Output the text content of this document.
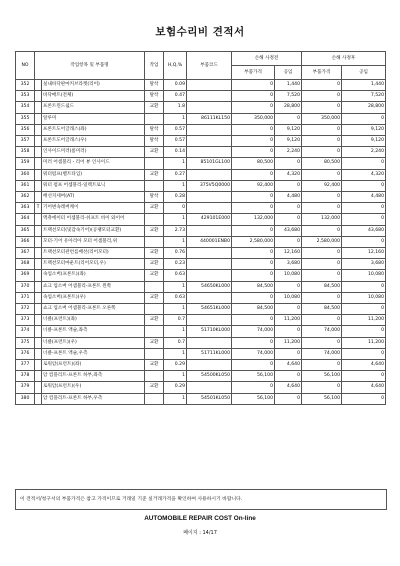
보험수리비 견적서
NO	작업항목 및 부품명		작업	H,Q,%	부품코드	손해 사정전		손해 사정후	
						부품가격	공임	부품가격	공임
352		실내바닥판마커브라켓(리어)	탈착	0.09		0	1,440	0	1,440
353		바닥매트(전체)	탈착	0.47		0	7,520	0	7,520
354		프론트윈드쉴드	교환	1.8		0	28,800	0	28,800
355		알루미		1	86111KL150	350,000	0	350,000	0
356		프론트도어글래스(좌)	탈착	0.57		0	9,120	0	9,120
357		프론트도어글래스(우)	탈착	0.57		0	9,120	0	9,120
358		인사이드미러(룸미러)	교환	0.14		0	2,240	0	2,240
359		미러 어셈블리 - 리어 뷰 인사이드		1	85101GL100	80,500	0	80,500	0
360		워터펌프(벨트타입)	교환	0.27		0	4,320	0	4,320
361		워터 펌프 어셈블리-일렉트로닉		1	375V5Q0000	92,400	0	92,400	0
362		배선지세버(AT)	탈착	0.28		0	4,480	0	4,480
363	T	기어변속레버케이	교환	0		0	0	0	0
364		액츄에이터 어셈블리-쉬프트 바이 와이어		1	429101E000	132,000	0	132,000	0
365		트랙션모터(및감속기어)(공랭모터교환)	교환	2.73		0	43,680	0	43,680
366		모터-기어 유아리아 모터 어셈블리,위		1	440001ENB0	2,580,000	0	2,580,000	0
367		트랙션모터관련를배선(리어모터)	교환	0.76		0	12,160	0	12,160
368		트랙션모터마운트(리어모터,우)	교환	0.23		0	3,680	0	3,680
369		속업소버(프론트)(좌)	교환	0.63		0	10,080	0	10,080
370		쇼크 업소버 어셈블리-프론트 왼쪽		1	54650KL000	84,500	0	84,500	0
371		속업소버(프론트)(우)	교환	0.63		0	10,080	0	10,080
372		쇼크 업소버 어셈블리-프론트 오른쪽		1	54651KL000	84,500	0	84,500	0
373		너클(프런트)(좌)	교환	0.7		0	11,200	0	11,200
374		너클-프론트 액슬,좌측		1	51710KL000	74,000	0	74,000	0
375		너클(프런트)(우)	교환	0.7		0	11,200	0	11,200
376		너클-프론트 액슬,우측		1	51711KL000	74,000	0	74,000	0
377		로워암(프런트)(좌)	교환	0.29		0	4,640	0	4,640
378		암 컴플리트-프론트 하부,좌측		1	54500KL050	56,100	0	56,100	0
379		로워암(프런트)(우)	교환	0.29		0	4,640	0	4,640
380		암 컴플리트-프론트 하부,우측		1	54501KL050	56,100	0	56,100	0
이 견적서/청구서의 부품가격은 참고 가격이므로 거래일 기준 실거래가격을 확인하여 사용하시기 바랍니다.
AUTOMOBILE REPAIR COST On-line
페이지 : 14/17
